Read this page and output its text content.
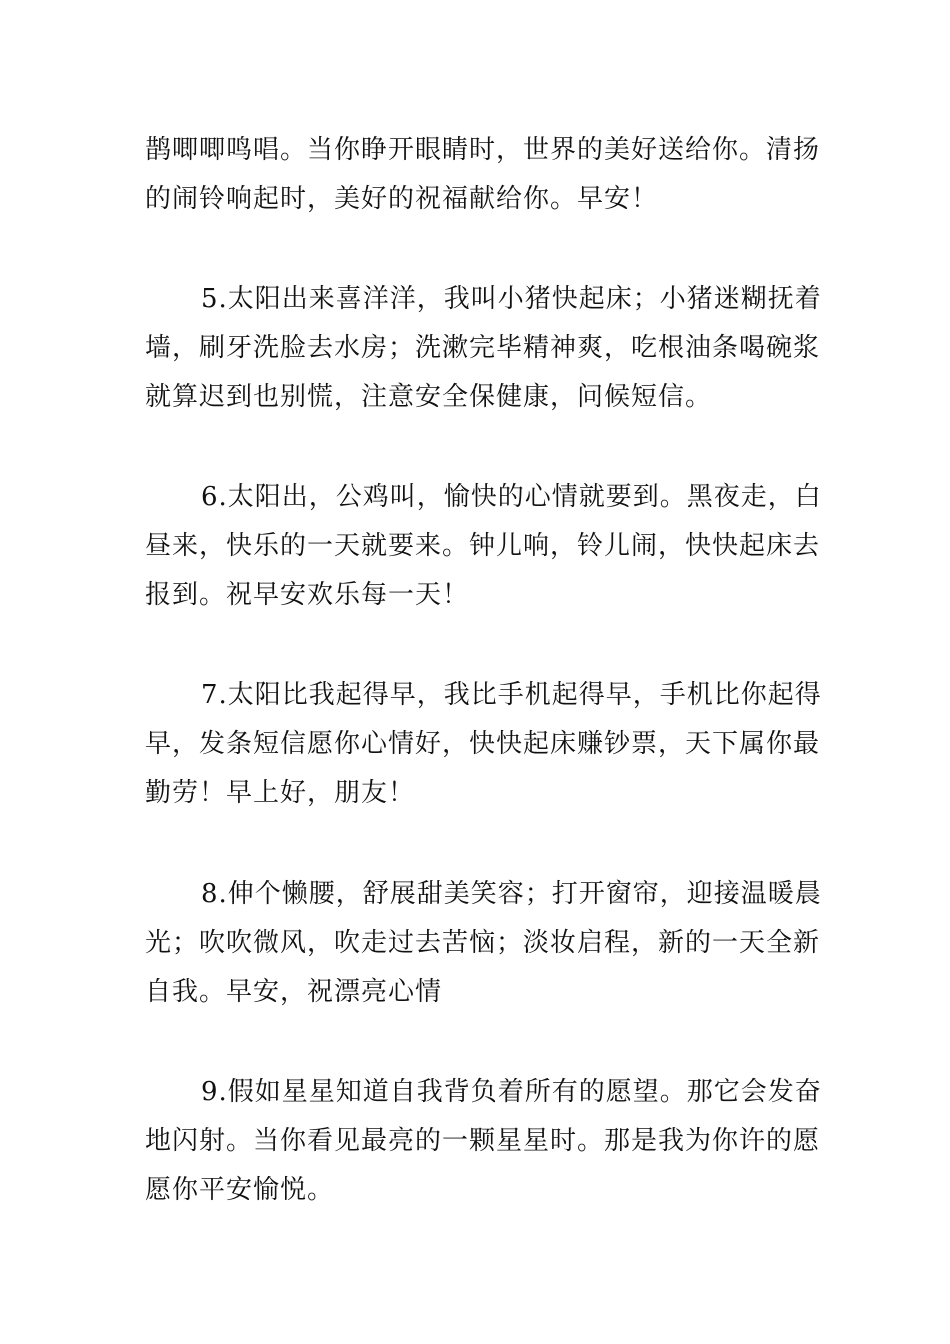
鹊唧唧鸣唱。当你睁开眼睛时，世界的美好送给你。清扬
的闹铃响起时，美好的祝福献给你。早安！
5.太阳出来喜洋洋，我叫小猪快起床；小猪迷糊抚着
墙，刷牙洗脸去水房；洗漱完毕精神爽，吃根油条喝碗浆
就算迟到也别慌，注意安全保健康，问候短信。
6.太阳出，公鸡叫，愉快的心情就要到。黑夜走，白
昼来，快乐的一天就要来。钟儿响，铃儿闹，快快起床去
报到。祝早安欢乐每一天！
7.太阳比我起得早，我比手机起得早，手机比你起得
早，发条短信愿你心情好，快快起床赚钞票，天下属你最
勤劳！早上好，朋友！
8.伸个懒腰，舒展甜美笑容；打开窗帘，迎接温暖晨
光；吹吹微风，吹走过去苦恼；淡妆启程，新的一天全新
自我。早安，祝漂亮心情
9.假如星星知道自我背负着所有的愿望。那它会发奋
地闪射。当你看见最亮的一颗星星时。那是我为你许的愿
愿你平安愉悦。
